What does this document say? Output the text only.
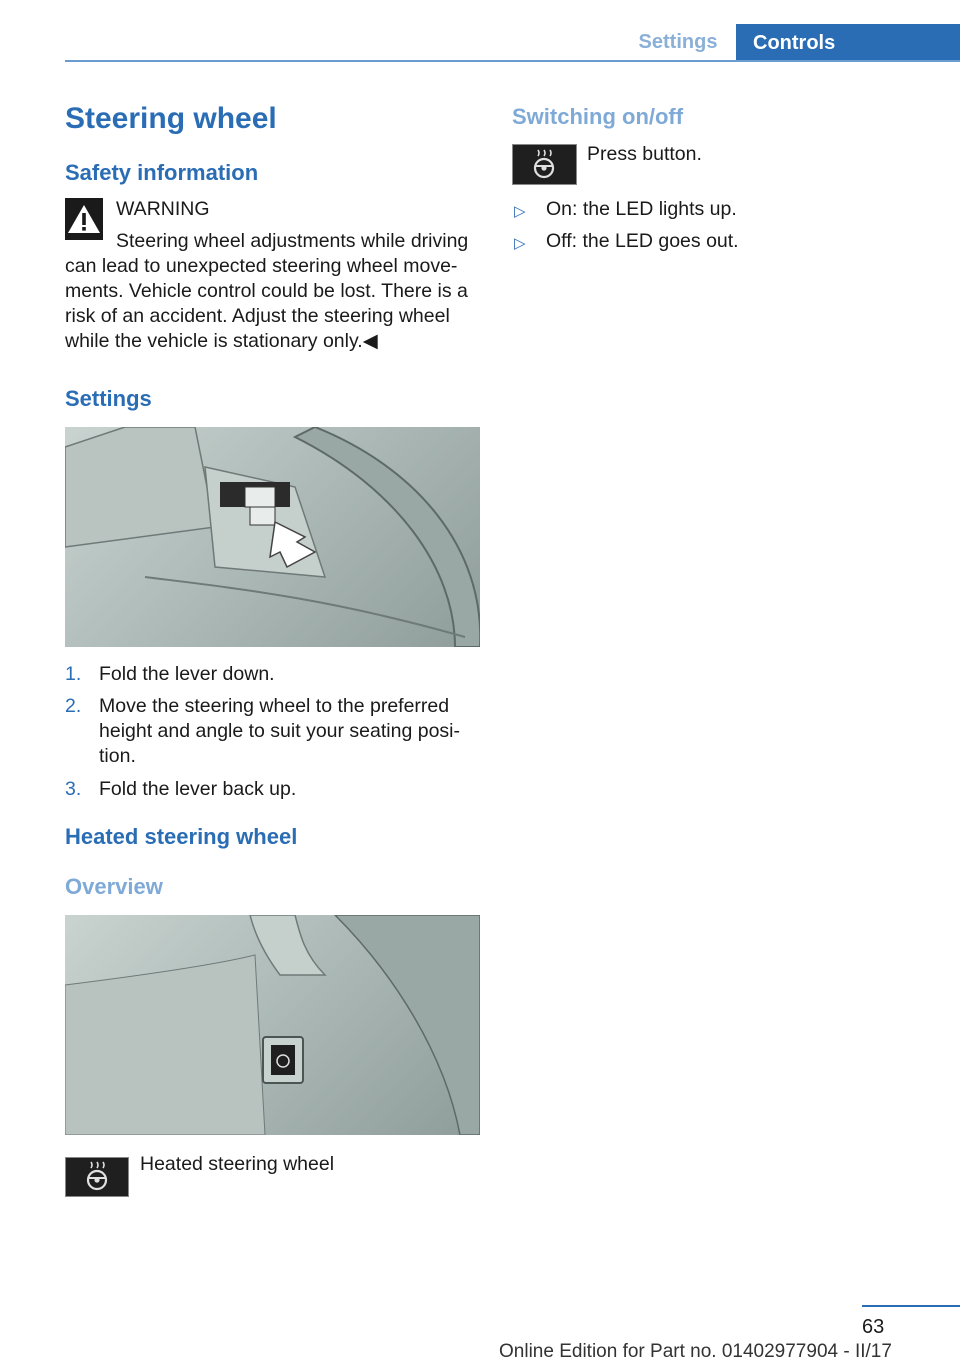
Settings	Controls
Steering wheel
Safety information
WARNING
Steering wheel adjustments while driving
can lead to unexpected steering wheel move-
ments. Vehicle control could be lost. There is a
risk of an accident. Adjust the steering wheel
while the vehicle is stationary only.◀
Settings
1. Fold the lever down.
2. Move the steering wheel to the preferred
height and angle to suit your seating posi-
tion.
3. Fold the lever back up.
Heated steering wheel
Overview
Heated steering wheel
Switching on/off
Press button.
▷ On: the LED lights up.
▷ Off: the LED goes out.
63
Online Edition for Part no. 01402977904 - II/17
